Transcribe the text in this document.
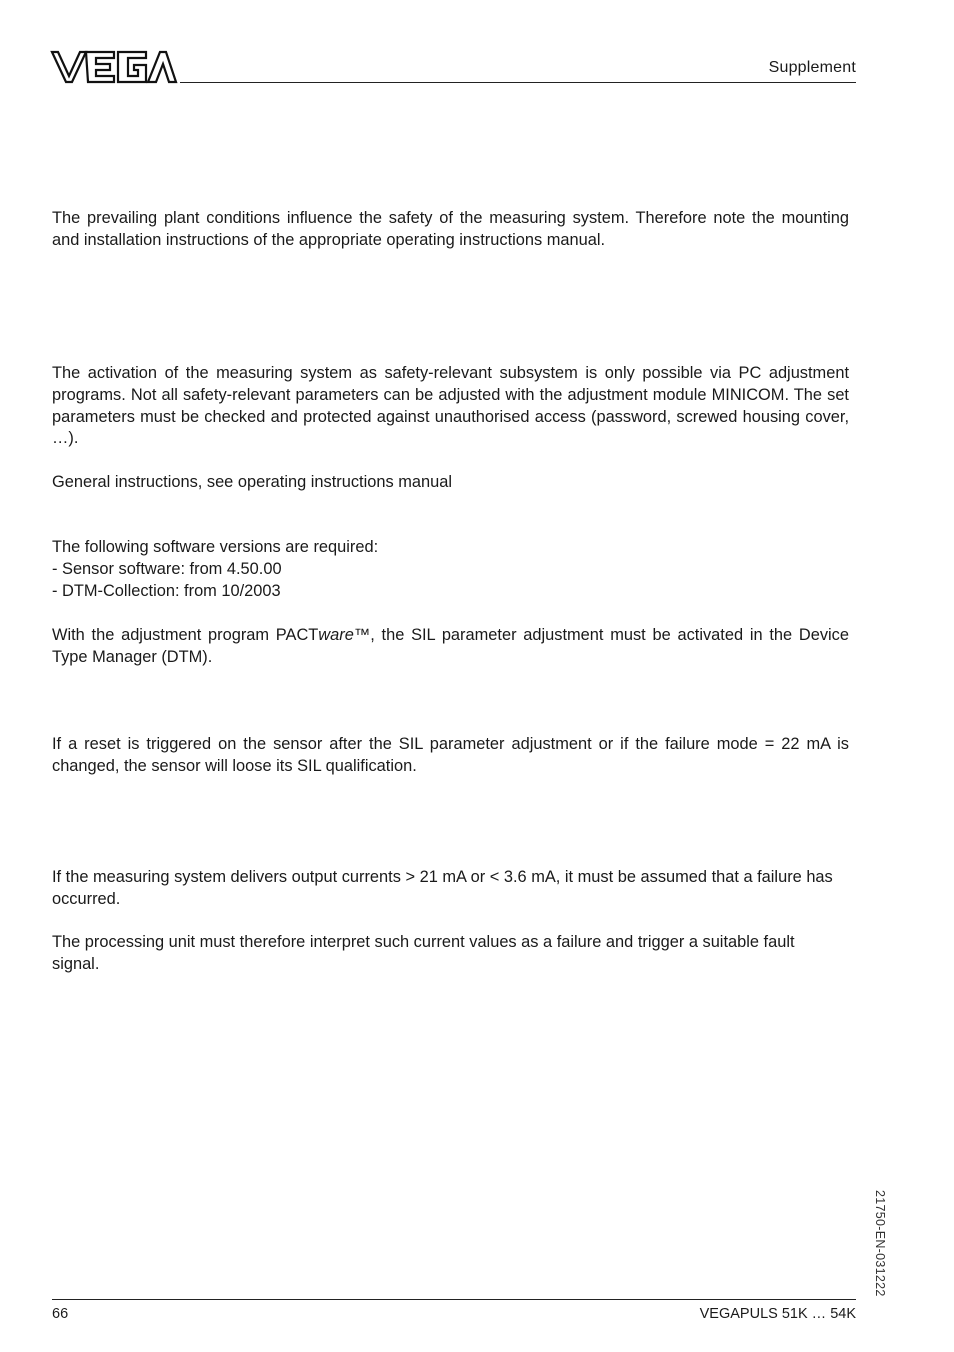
Supplement

The prevailing plant conditions influence the safety of the measuring system. Therefore note the mounting and installation instructions of the appropriate operating instructions manual.

The activation of the measuring system as safety-relevant subsystem is only possible via PC adjustment programs. Not all safety-relevant parameters can be adjusted with the adjustment module MINICOM. The set parameters must be checked and protected against unauthorised access (password, screwed housing cover, …).

General instructions, see operating instructions manual

The following software versions are required:

- Sensor software: from 4.50.00
- DTM-Collection: from 10/2003

With the adjustment program PACTware™, the SIL parameter adjustment must be activated in the Device Type Manager (DTM).

If a reset is triggered on the sensor after the SIL parameter adjustment or if the failure mode = 22 mA is changed, the sensor will loose its SIL qualification.

If the measuring system delivers output currents > 21 mA or < 3.6 mA, it must be assumed that a failure has occurred.

The processing unit must therefore interpret such current values as a failure and trigger a suitable fault signal.

21750-EN-031222
66	VEGAPULS 51K … 54K
